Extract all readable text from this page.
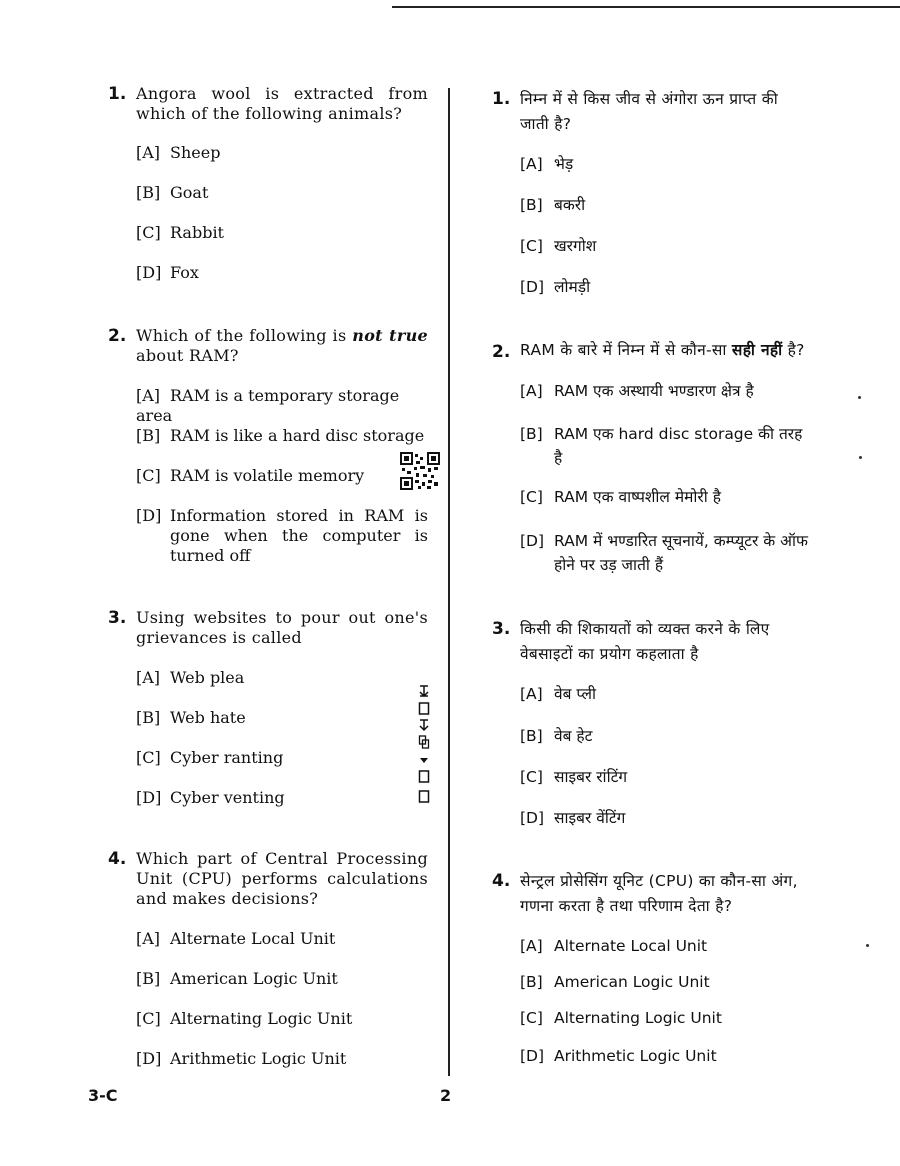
1. Angora wool is extracted from which of the following animals?
[A] Sheep
[B] Goat
[C] Rabbit
[D] Fox
2. Which of the following is not true about RAM?
[A] RAM is a temporary storage area
[B] RAM is like a hard disc storage
[C] RAM is volatile memory
[D] Information stored in RAM is gone when the computer is turned off
3. Using websites to pour out one's grievances is called
[A] Web plea
[B] Web hate
[C] Cyber ranting
[D] Cyber venting
4. Which part of Central Processing Unit (CPU) performs calculations and makes decisions?
[A] Alternate Local Unit
[B] American Logic Unit
[C] Alternating Logic Unit
[D] Arithmetic Logic Unit
1. निम्न में से किस जीव से अंगोरा ऊन प्राप्त की जाती है?
[A] भेड़
[B] बकरी
[C] खरगोश
[D] लोमड़ी
2. RAM के बारे में निम्न में से कौन-सा सही नहीं है?
[A] RAM एक अस्थायी भण्डारण क्षेत्र है
[B] RAM एक hard disc storage की तरह है
[C] RAM एक वाष्पशील मेमोरी है
[D] RAM में भण्डारित सूचनायें, कम्प्यूटर के ऑफ होने पर उड़ जाती हैं
3. किसी की शिकायतों को व्यक्त करने के लिए वेबसाइटों का प्रयोग कहलाता है
[A] वेब प्ली
[B] वेब हेट
[C] साइबर रांटिंग
[D] साइबर वेंटिंग
4. सेन्ट्रल प्रोसेसिंग यूनिट (CPU) का कौन-सा अंग, गणना करता है तथा परिणाम देता है?
[A] Alternate Local Unit
[B] American Logic Unit
[C] Alternating Logic Unit
[D] Arithmetic Logic Unit
3-C	2
